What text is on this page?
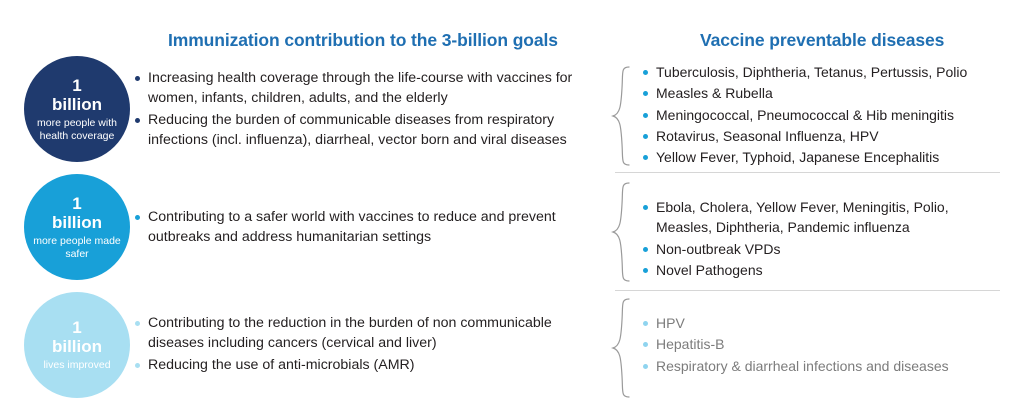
Immunization contribution to the 3-billion goals	Vaccine preventable diseases
1
billion
more people with health coverage
1
billion
more people made safer
1
billion
lives improved
Increasing health coverage through the life-course with vaccines for women, infants, children, adults, and the elderly
Reducing the burden of communicable diseases from respiratory infections (incl. influenza), diarrheal, vector born and viral diseases
Contributing to a safer world with vaccines to reduce and prevent outbreaks and address humanitarian settings
Contributing to the reduction in the burden of non communicable diseases including cancers (cervical and liver)
Reducing the use of anti-microbials (AMR)
Tuberculosis, Diphtheria, Tetanus, Pertussis, Polio
Measles & Rubella
Meningococcal, Pneumococcal & Hib meningitis
Rotavirus, Seasonal Influenza, HPV
Yellow Fever, Typhoid, Japanese Encephalitis
Ebola, Cholera, Yellow Fever, Meningitis, Polio, Measles, Diphtheria, Pandemic influenza
Non-outbreak VPDs
Novel Pathogens
HPV
Hepatitis-B
Respiratory & diarrheal infections and diseases
